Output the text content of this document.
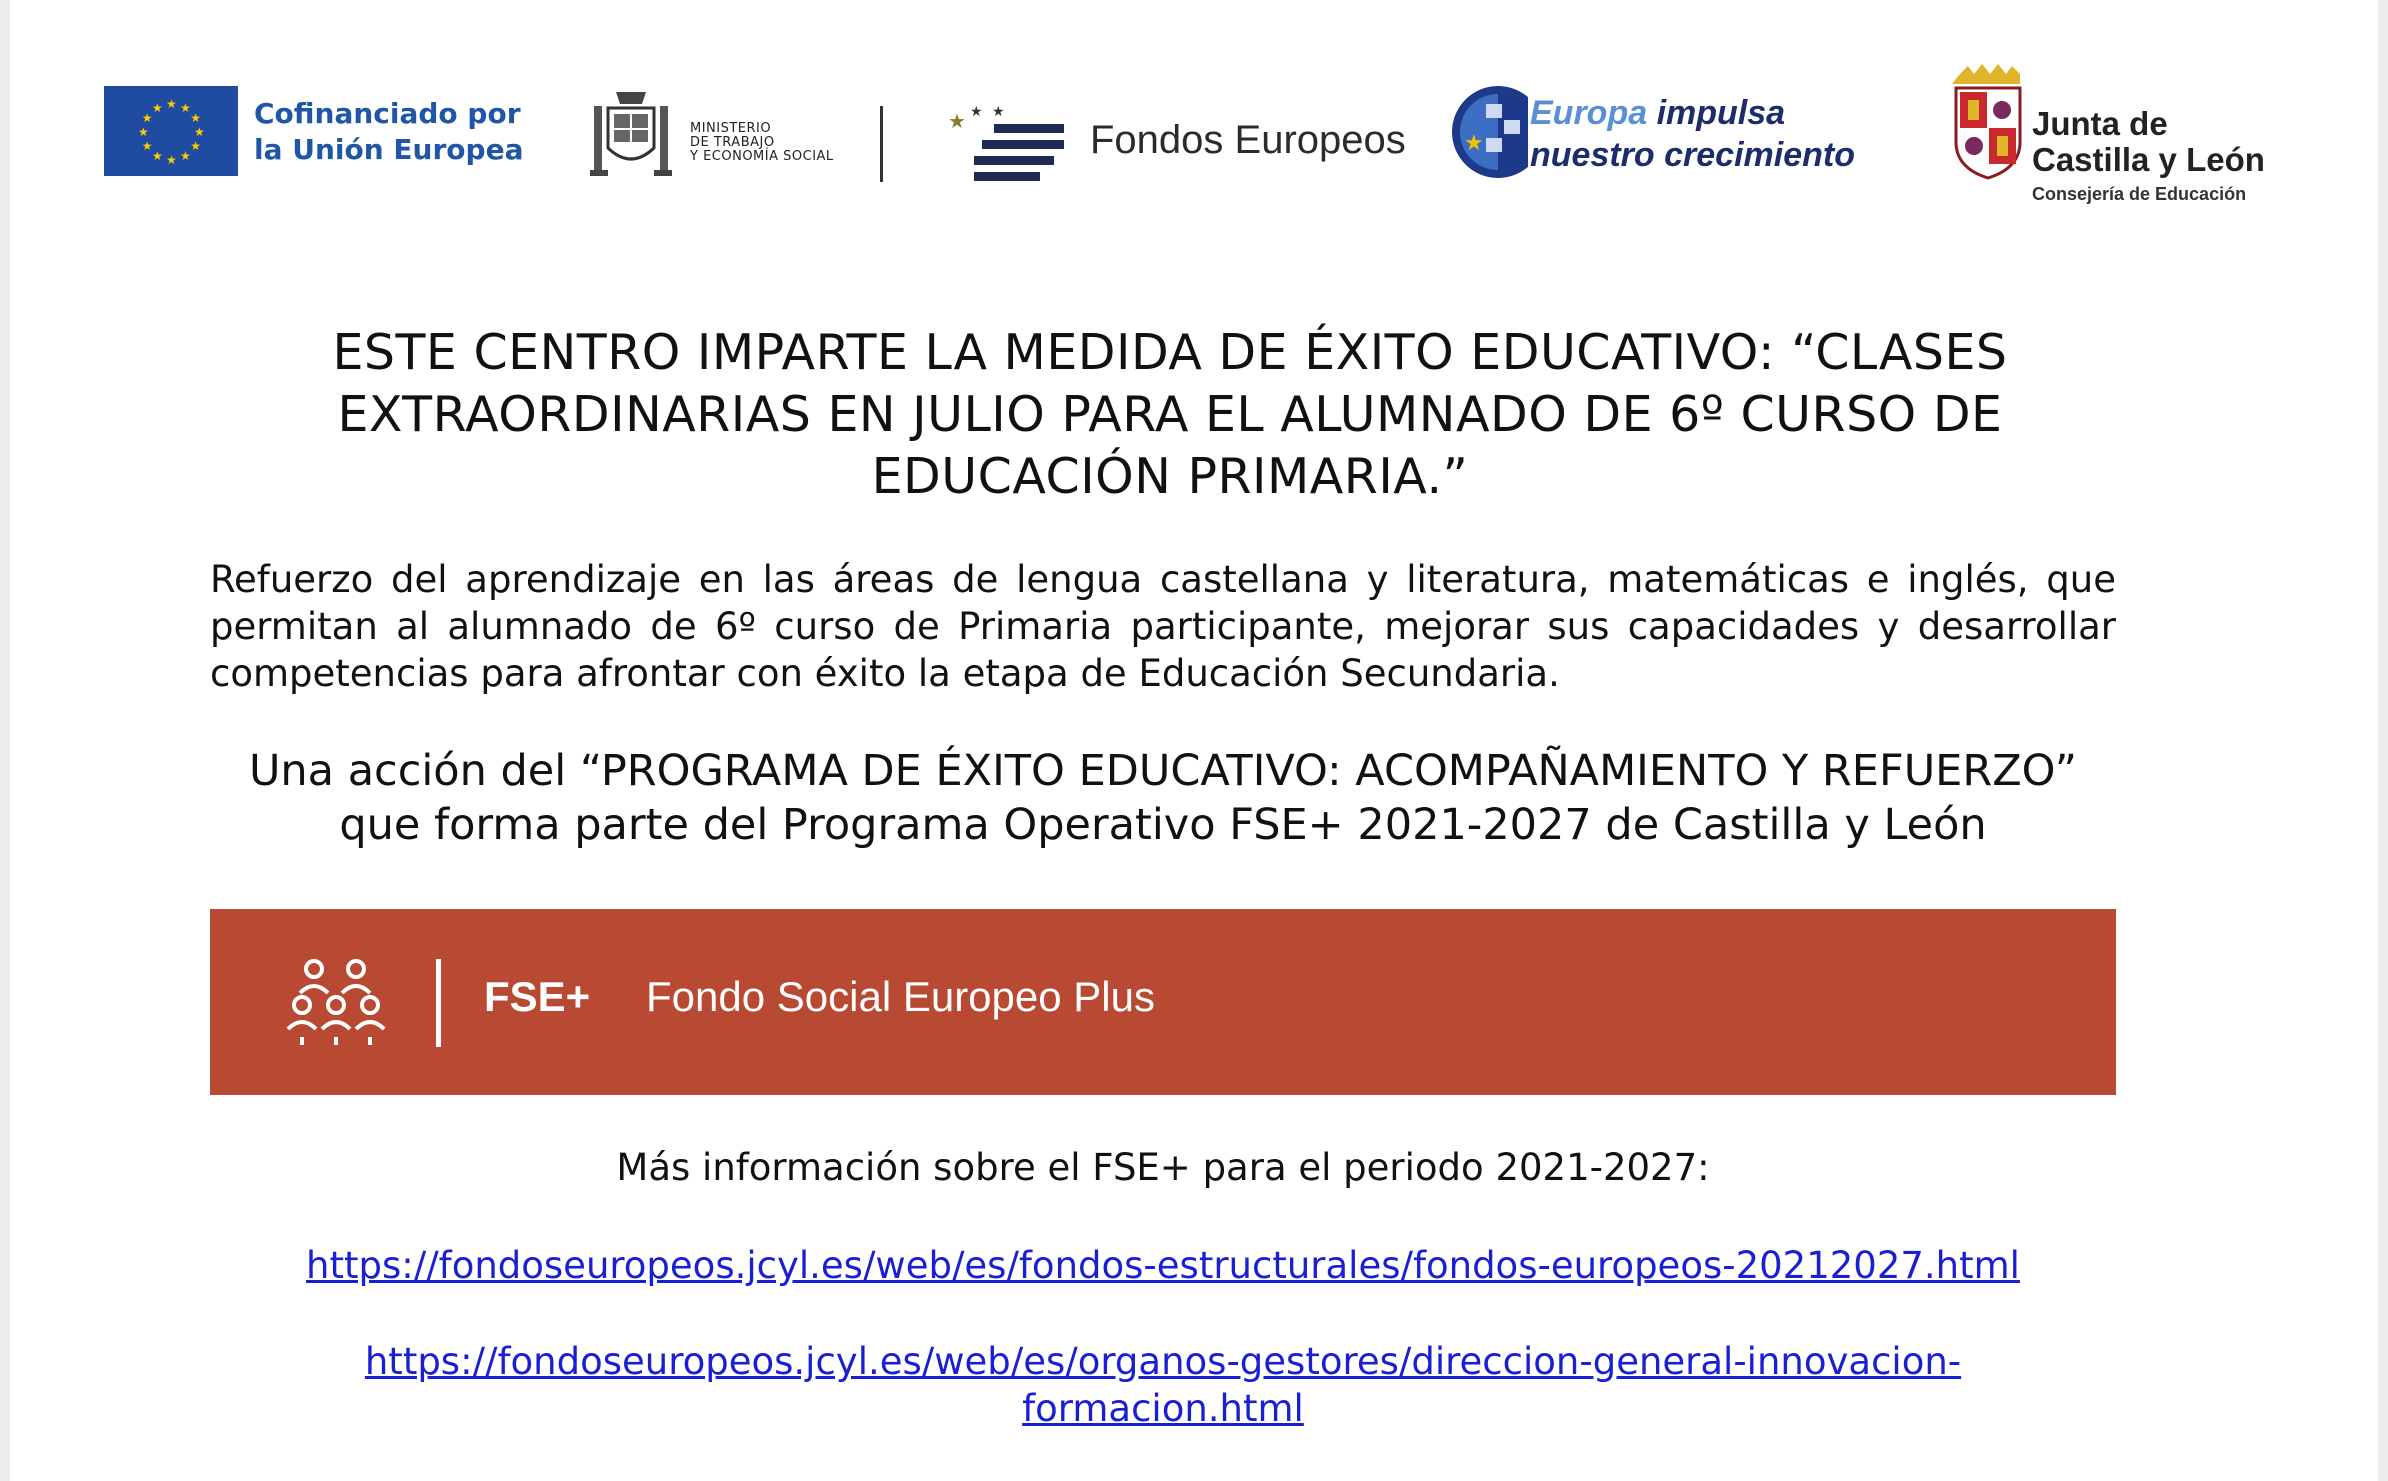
★
★
★
★
★
★
★
★
★ ★ ★
★ Cofinanciado por
la Unión Europea
MINISTERIO
DE TRABAJO
Y ECONOMÍA SOCIAL
★ ★ ★
Fondos Europeos	★
Europa impulsa
nuestro crecimiento
Junta de
Castilla y León
Consejería de Educación
ESTE CENTRO IMPARTE LA MEDIDA DE ÉXITO EDUCATIVO: “CLASES EXTRAORDINARIAS EN JULIO PARA EL ALUMNADO DE 6º CURSO DE EDUCACIÓN PRIMARIA.”
Refuerzo del aprendizaje en las áreas de lengua castellana y literatura, matemáticas e inglés, que permitan al alumnado de 6º curso de Primaria participante, mejorar sus capacidades y desarrollar competencias para afrontar con éxito la etapa de Educación Secundaria.
Una acción del “PROGRAMA DE ÉXITO EDUCATIVO: ACOMPAÑAMIENTO Y REFUERZO” que forma parte del Programa Operativo FSE+ 2021-2027 de Castilla y León
FSE+ Fondo Social Europeo Plus
Más información sobre el FSE+ para el periodo 2021-2027:
https://fondoseuropeos.jcyl.es/web/es/fondos-estructurales/fondos-europeos-20212027.html
https://fondoseuropeos.jcyl.es/web/es/organos-gestores/direccion-general-innovacion-formacion.html
